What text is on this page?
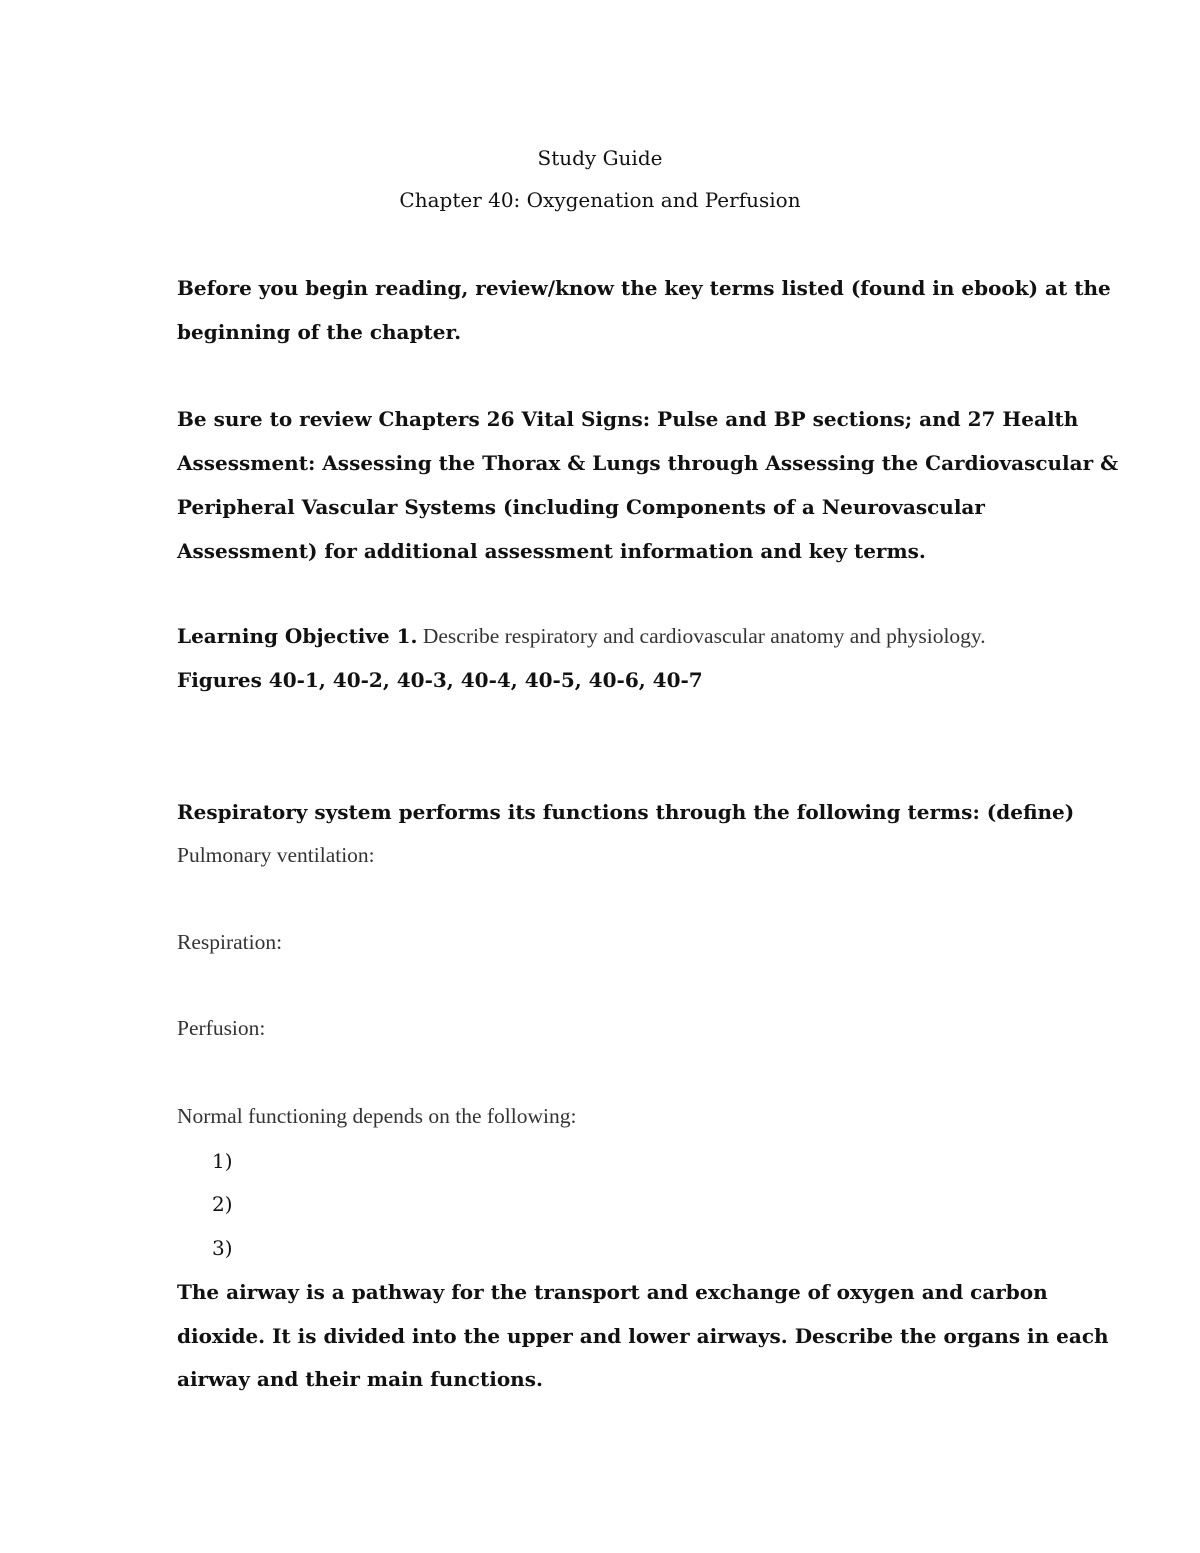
Study Guide
Chapter 40: Oxygenation and Perfusion
Before you begin reading, review/know the key terms listed (found in ebook) at the
beginning of the chapter.
Be sure to review Chapters 26 Vital Signs: Pulse and BP sections; and 27 Health
Assessment: Assessing the Thorax & Lungs through Assessing the Cardiovascular &
Peripheral Vascular Systems (including Components of a Neurovascular
Assessment) for additional assessment information and key terms.
Learning Objective 1. Describe respiratory and cardiovascular anatomy and physiology.
Figures 40-1, 40-2, 40-3, 40-4, 40-5, 40-6, 40-7
Respiratory system performs its functions through the following terms: (define)
Pulmonary ventilation:
Respiration:
Perfusion:
Normal functioning depends on the following:
1)
2)
3)
The airway is a pathway for the transport and exchange of oxygen and carbon
dioxide. It is divided into the upper and lower airways. Describe the organs in each
airway and their main functions.
